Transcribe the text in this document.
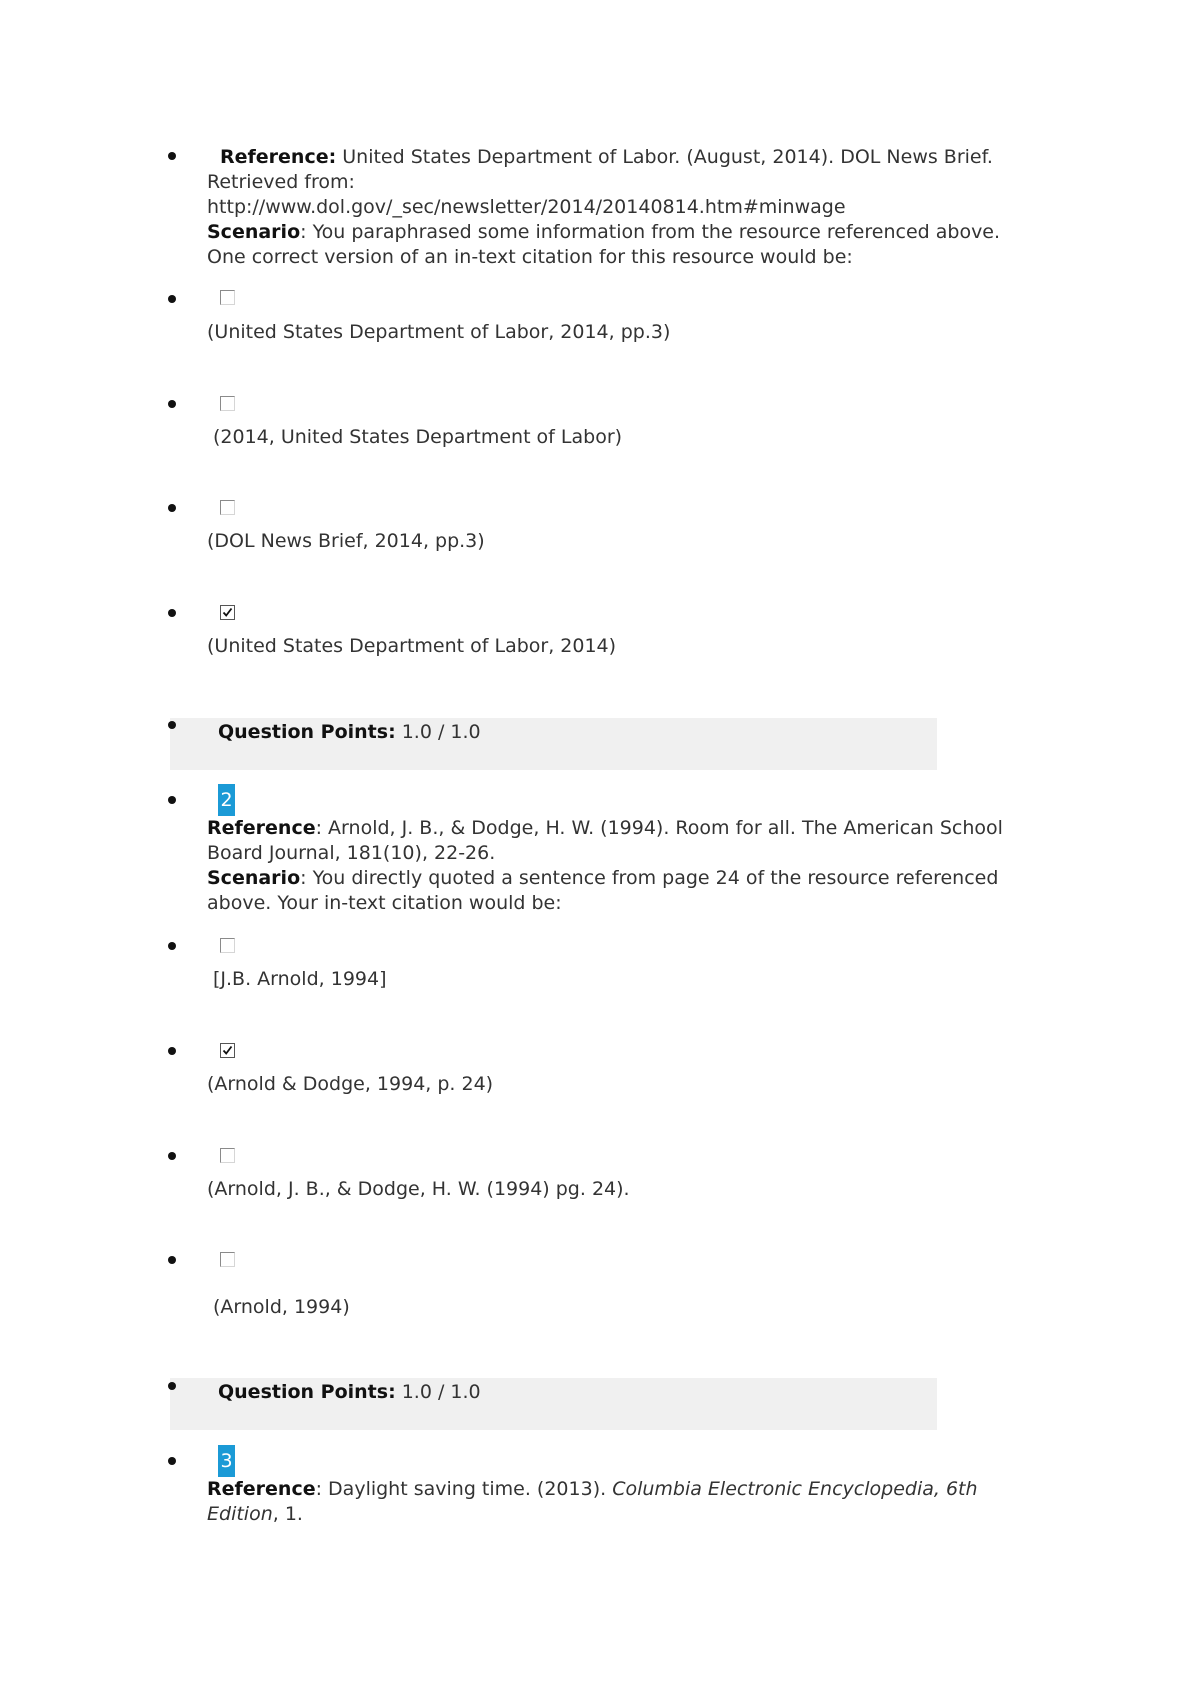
Reference: United States Department of Labor. (August, 2014). DOL News Brief. Retrieved from:
http://www.dol.gov/_sec/newsletter/2014/20140814.htm#minwage
Scenario: You paraphrased some information from the resource referenced above. One correct version of an in-text citation for this resource would be:
(United States Department of Labor, 2014, pp.3)
(2014, United States Department of Labor)
(DOL News Brief, 2014, pp.3)
(United States Department of Labor, 2014)
Question Points: 1.0 / 1.0
2
Reference: Arnold, J. B., & Dodge, H. W. (1994). Room for all. The American School Board Journal, 181(10), 22-26.
Scenario: You directly quoted a sentence from page 24 of the resource referenced above. Your in-text citation would be:
[J.B. Arnold, 1994]
(Arnold & Dodge, 1994, p. 24)
(Arnold, J. B., & Dodge, H. W. (1994) pg. 24).
(Arnold, 1994)
Question Points: 1.0 / 1.0
3
Reference: Daylight saving time. (2013). Columbia Electronic Encyclopedia, 6th Edition, 1.
